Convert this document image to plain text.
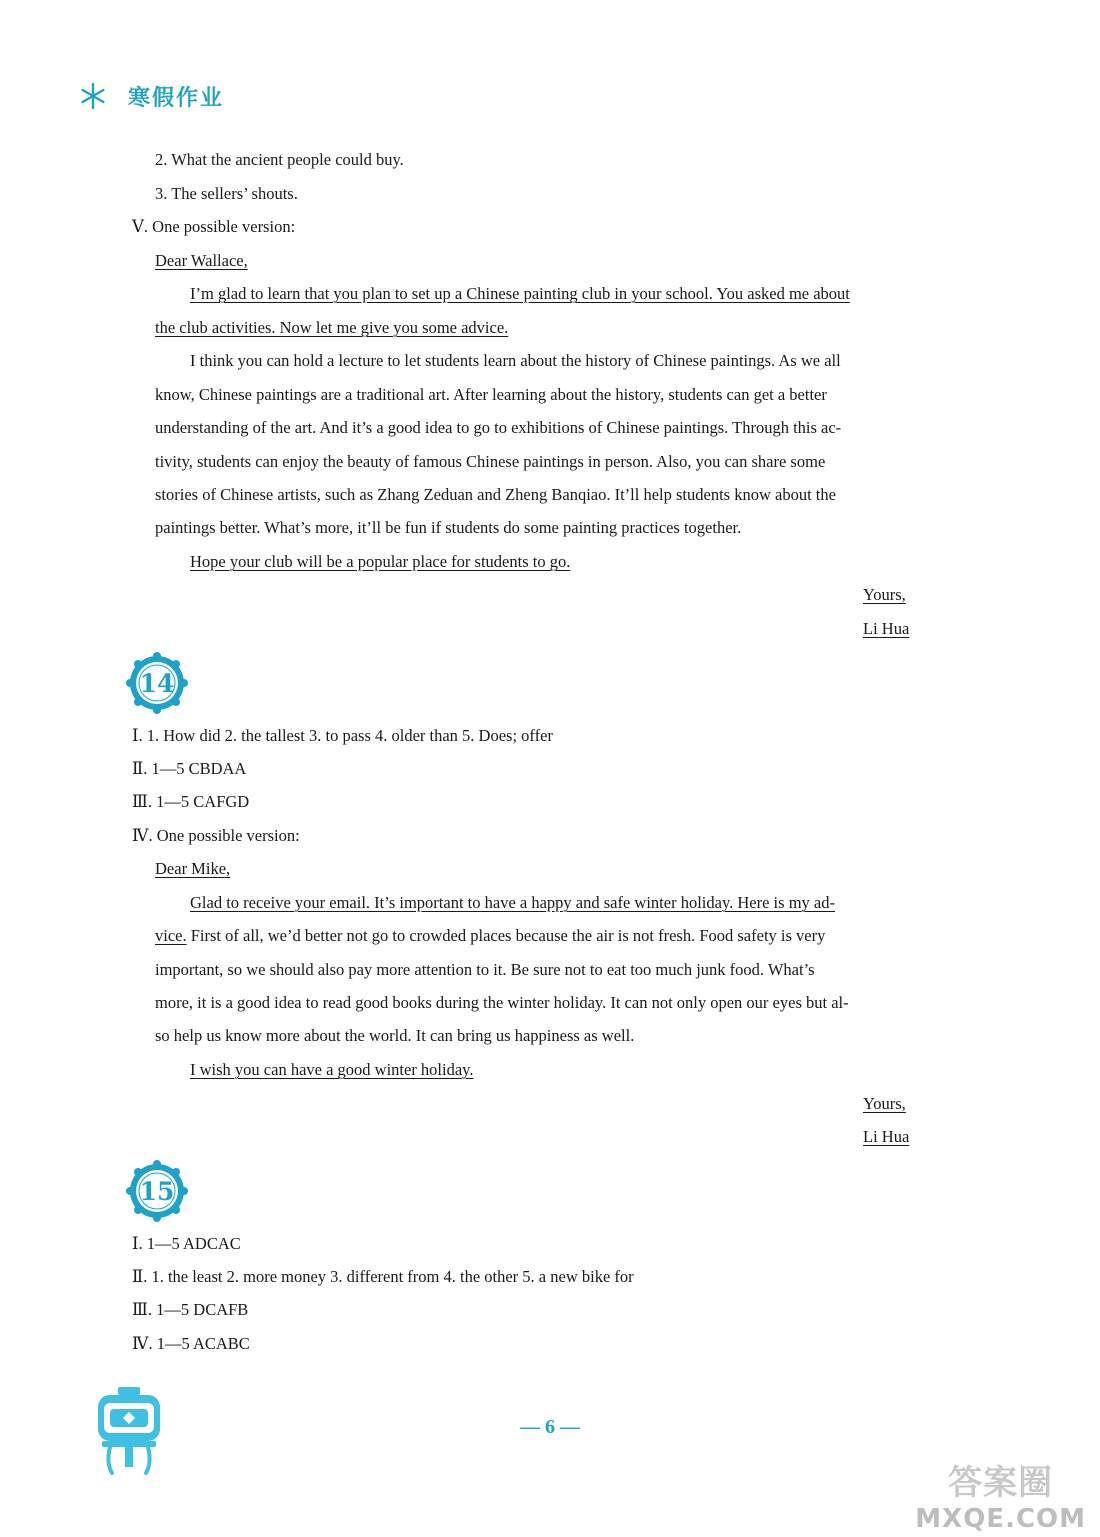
寒假作业
2. What the ancient people could buy.
3. The sellers’ shouts.
Ⅴ. One possible version:
Dear Wallace,
I’m glad to learn that you plan to set up a Chinese painting club in your school. You asked me about
the club activities. Now let me give you some advice.
I think you can hold a lecture to let students learn about the history of Chinese paintings. As we all
know, Chinese paintings are a traditional art. After learning about the history, students can get a better
understanding of the art. And it’s a good idea to go to exhibitions of Chinese paintings. Through this ac-
tivity, students can enjoy the beauty of famous Chinese paintings in person. Also, you can share some
stories of Chinese artists, such as Zhang Zeduan and Zheng Banqiao. It’ll help students know about the
paintings better. What’s more, it’ll be fun if students do some painting practices together.
Hope your club will be a popular place for students to go.
Yours,
Li Hua
14
Ⅰ. 1. How did 2. the tallest 3. to pass 4. older than 5. Does; offer
Ⅱ. 1—5 CBDAA
Ⅲ. 1—5 CAFGD
Ⅳ. One possible version:
Dear Mike,
Glad to receive your email. It’s important to have a happy and safe winter holiday. Here is my ad-
vice. First of all, we’d better not go to crowded places because the air is not fresh. Food safety is very
important, so we should also pay more attention to it. Be sure not to eat too much junk food. What’s
more, it is a good idea to read good books during the winter holiday. It can not only open our eyes but al-
so help us know more about the world. It can bring us happiness as well.
I wish you can have a good winter holiday.
Yours,
Li Hua
15
Ⅰ. 1—5 ADCAC
Ⅱ. 1. the least 2. more money 3. different from 4. the other 5. a new bike for
Ⅲ. 1—5 DCAFB
Ⅳ. 1—5 ACABC
— 6 —
答案圈
MXQE.COM
